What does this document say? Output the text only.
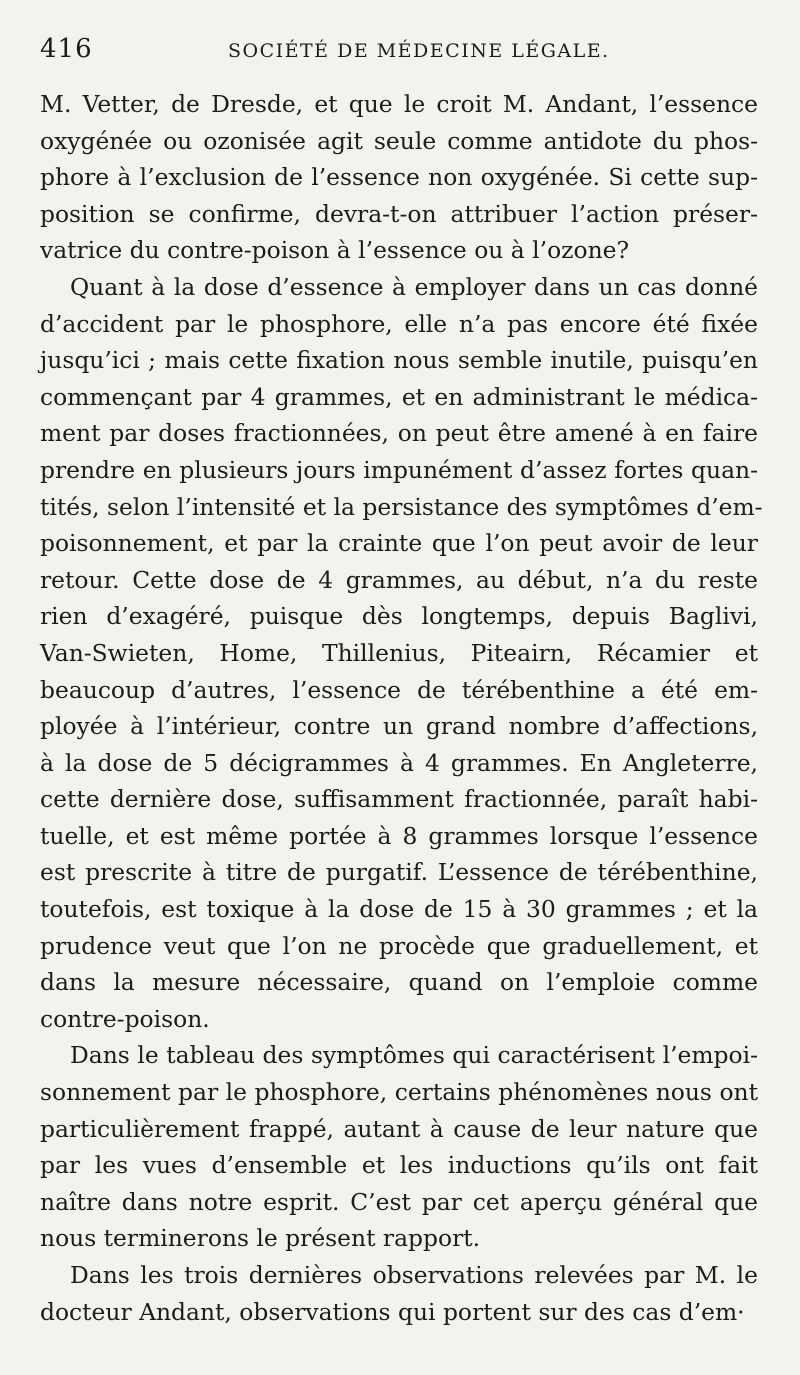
416	SOCIÉTÉ DE MÉDECINE LÉGALE.
M. Vetter, de Dresde, et que le croit M. Andant, l’essence
oxygénée ou ozonisée agit seule comme antidote du phos-
phore à l’exclusion de l’essence non oxygénée. Si cette sup-
position se confirme, devra-t-on attribuer l’action préser-
vatrice du contre-poison à l’essence ou à l’ozone?
Quant à la dose d’essence à employer dans un cas donné
d’accident par le phosphore, elle n’a pas encore été fixée
jusqu’ici ; mais cette fixation nous semble inutile, puisqu’en
commençant par 4 grammes, et en administrant le médica-
ment par doses fractionnées, on peut être amené à en faire
prendre en plusieurs jours impunément d’assez fortes quan-
tités, selon l’intensité et la persistance des symptômes d’em-
poisonnement, et par la crainte que l’on peut avoir de leur
retour. Cette dose de 4 grammes, au début, n’a du reste
rien d’exagéré, puisque dès longtemps, depuis Baglivi,
Van-Swieten, Home, Thillenius, Piteairn, Récamier et
beaucoup d’autres, l’essence de térébenthine a été em-
ployée à l’intérieur, contre un grand nombre d’affections,
à la dose de 5 décigrammes à 4 grammes. En Angleterre,
cette dernière dose, suffisamment fractionnée, paraît habi-
tuelle, et est même portée à 8 grammes lorsque l’essence
est prescrite à titre de purgatif. L’essence de térébenthine,
toutefois, est toxique à la dose de 15 à 30 grammes ; et la
prudence veut que l’on ne procède que graduellement, et
dans la mesure nécessaire, quand on l’emploie comme
contre-poison.
Dans le tableau des symptômes qui caractérisent l’empoi-
sonnement par le phosphore, certains phénomènes nous ont
particulièrement frappé, autant à cause de leur nature que
par les vues d’ensemble et les inductions qu’ils ont fait
naître dans notre esprit. C’est par cet aperçu général que
nous terminerons le présent rapport.
Dans les trois dernières observations relevées par M. le
docteur Andant, observations qui portent sur des cas d’em·
